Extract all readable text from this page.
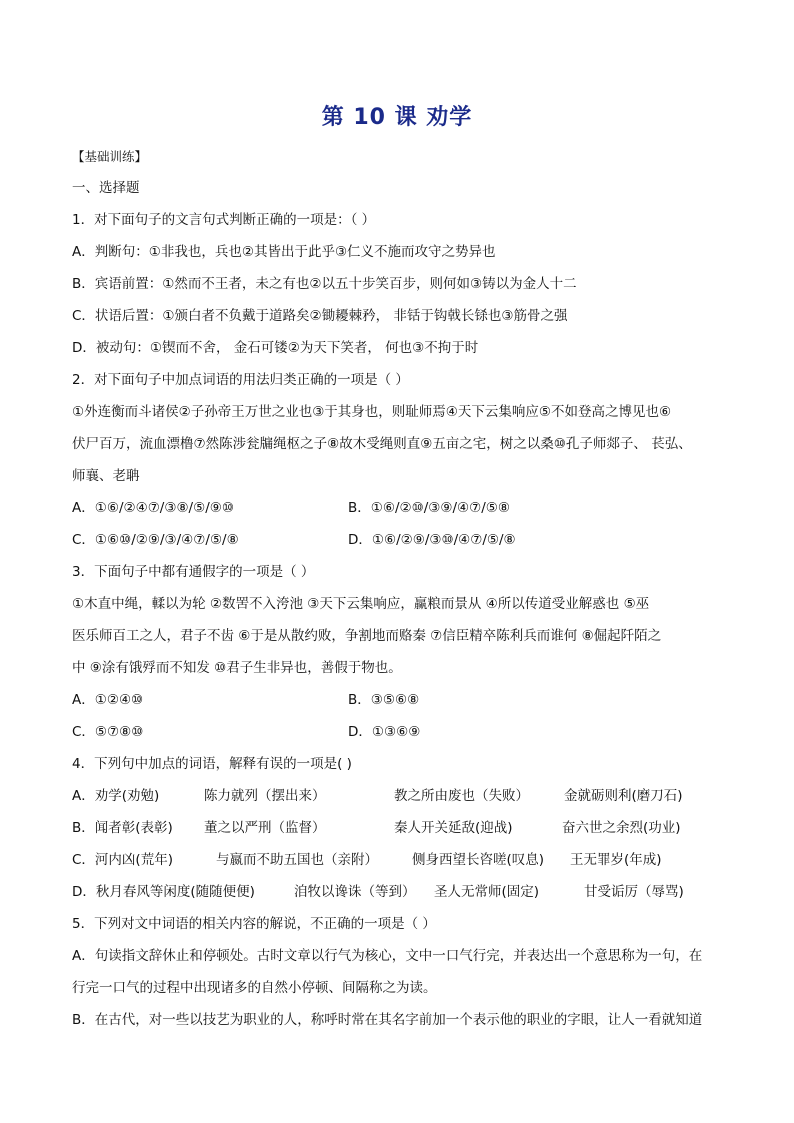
第 10 课 劝学
【基础训练】
一、选择题
1．对下面句子的文言句式判断正确的一项是：（ ）
A．判断句：①非我也，兵也②其皆出于此乎③仁义不施而攻守之势异也
B．宾语前置：①然而不王者，未之有也②以五十步笑百步，则何如③铸以为金人十二
C．状语后置：①颁白者不负戴于道路矣②锄耰棘矜， 非铦于钩戟长铩也③筋骨之强
D．被动句：①锲而不舍， 金石可镂②为天下笑者， 何也③不拘于时
2．对下面句子中加点词语的用法归类正确的一项是（ ）
①外连衡而斗诸侯②子孙帝王万世之业也③于其身也，则耻师焉④天下云集响应⑤不如登高之博见也⑥
伏尸百万，流血漂橹⑦然陈涉瓮牖绳枢之子⑧故木受绳则直⑨五亩之宅，树之以桑⑩孔子师郯子、 苌弘、
师襄、老聃
A．①⑥/②④⑦/③⑧/⑤/⑨⑩	B．①⑥/②⑩/③⑨/④⑦/⑤⑧
C．①⑥⑩/②⑨/③/④⑦/⑤/⑧	D．①⑥/②⑨/③⑩/④⑦/⑤/⑧
3．下面句子中都有通假字的一项是（ ）
①木直中绳，輮以为轮 ②数罟不入洿池 ③天下云集响应，赢粮而景从 ④所以传道受业解惑也 ⑤巫
医乐师百工之人，君子不齿 ⑥于是从散约败，争割地而赂秦 ⑦信臣精卒陈利兵而谁何 ⑧倔起阡陌之
中 ⑨涂有饿殍而不知发 ⑩君子生非异也，善假于物也。
A．①②④⑩	B．③⑤⑥⑧
C．⑤⑦⑧⑩	D．①③⑥⑨
4．下列句中加点的词语，解释有误的一项是( )
A．劝学(劝勉)	陈力就列（摆出来）	教之所由废也（失败）	金就砺则利(磨刀石)
B．闻者彰(表彰) 董之以严刑（监督）	秦人开关延敌(迎战)	奋六世之余烈(功业)
C．河内凶(荒年)	与嬴而不助五国也（亲附）	侧身西望长咨嗟(叹息) 王无罪岁(年成)
D．秋月春风等闲度(随随便便)	洎牧以谗诛（等到） 圣人无常师(固定)	甘受诟厉（辱骂)
5．下列对文中词语的相关内容的解说，不正确的一项是（ ）
A．句读指文辞休止和停顿处。古时文章以行气为核心，文中一口气行完，并表达出一个意思称为一句，在
行完一口气的过程中出现诸多的自然小停顿、间隔称之为读。
B．在古代，对一些以技艺为职业的人，称呼时常在其名字前加一个表示他的职业的字眼，让人一看就知道
